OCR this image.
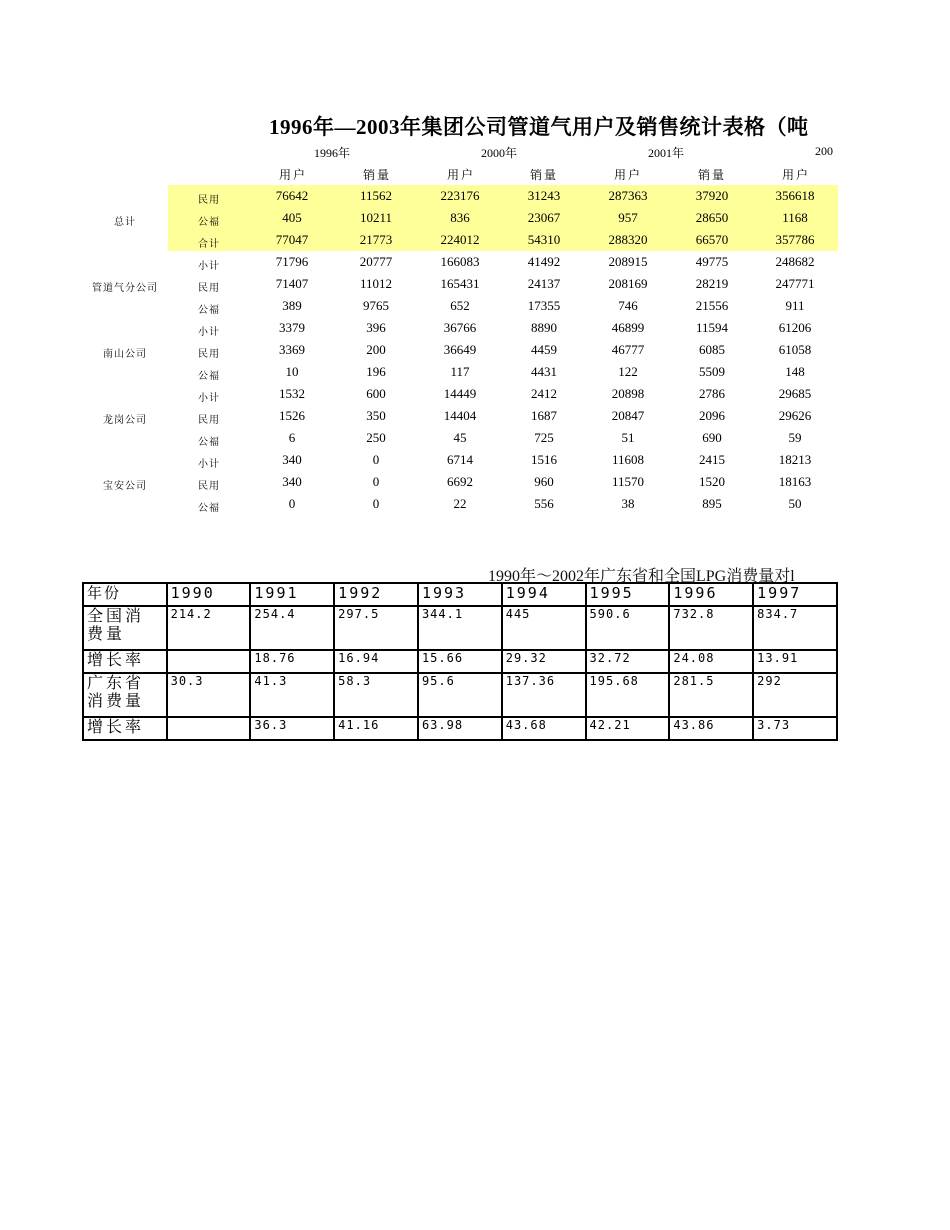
1996年—2003年集团公司管道气用户及销售统计表格（吨
1996年	2000年	2001年	200
用户	销量	用户	销量	用户	销量	用户
总计
民用	76642	11562	223176	31243	287363	37920	356618
公福	405	10211	836	23067	957	28650	1168
合计	77047	21773	224012	54310	288320	66570	357786
管道气分公司
小计	71796	20777	166083	41492	208915	49775	248682
民用	71407	11012	165431	24137	208169	28219	247771
公福	389	9765	652	17355	746	21556	911
南山公司
小计	3379	396	36766	8890	46899	11594	61206
民用	3369	200	36649	4459	46777	6085	61058
公福	10	196	117	4431	122	5509	148
龙岗公司
小计	1532	600	14449	2412	20898	2786	29685
民用	1526	350	14404	1687	20847	2096	29626
公福	6	250	45	725	51	690	59
宝安公司
小计	340	0	6714	1516	11608	2415	18213
民用	340	0	6692	960	11570	1520	18163
公福	0	0	22	556	38	895	50
1990年～2002年广东省和全国LPG消费量对l
年份	1990	1991	1992	1993	1994	1995	1996	1997
全国消费量	214.2	254.4	297.5	344.1	445	590.6	732.8	834.7
增长率		18.76	16.94	15.66	29.32	32.72	24.08	13.91
广东省消费量	30.3	41.3	58.3	95.6	137.36	195.68	281.5	292
增长率		36.3	41.16	63.98	43.68	42.21	43.86	3.73
